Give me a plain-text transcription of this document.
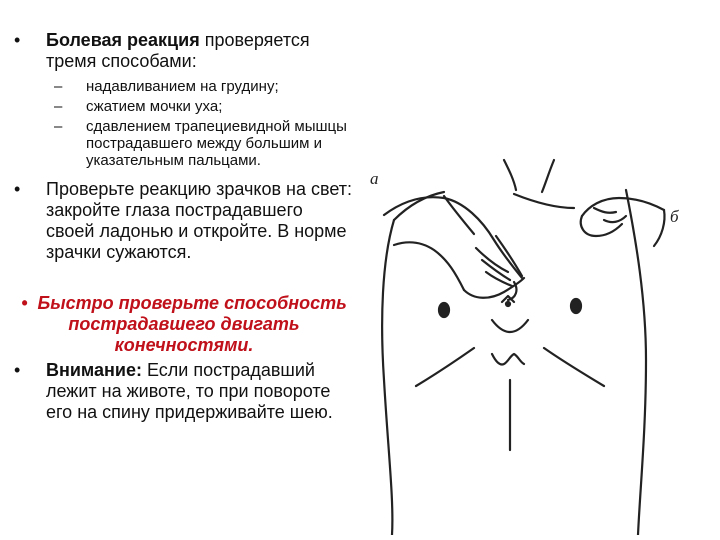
• Болевая реакция проверяется
тремя способами:
– надавливанием на грудину;
– сжатием мочки уха;
– сдавлением трапециевидной мышцы пострадавшего между большим и указательным пальцами.
• Проверьте реакцию зрачков на свет: закройте глаза пострадавшего своей ладонью и откройте. В норме зрачки сужаются.
• Быстро проверьте способность пострадавшего двигать конечностями.
• Внимание: Если пострадавший лежит на животе, то при повороте его на спину придерживайте шею.
а
б
